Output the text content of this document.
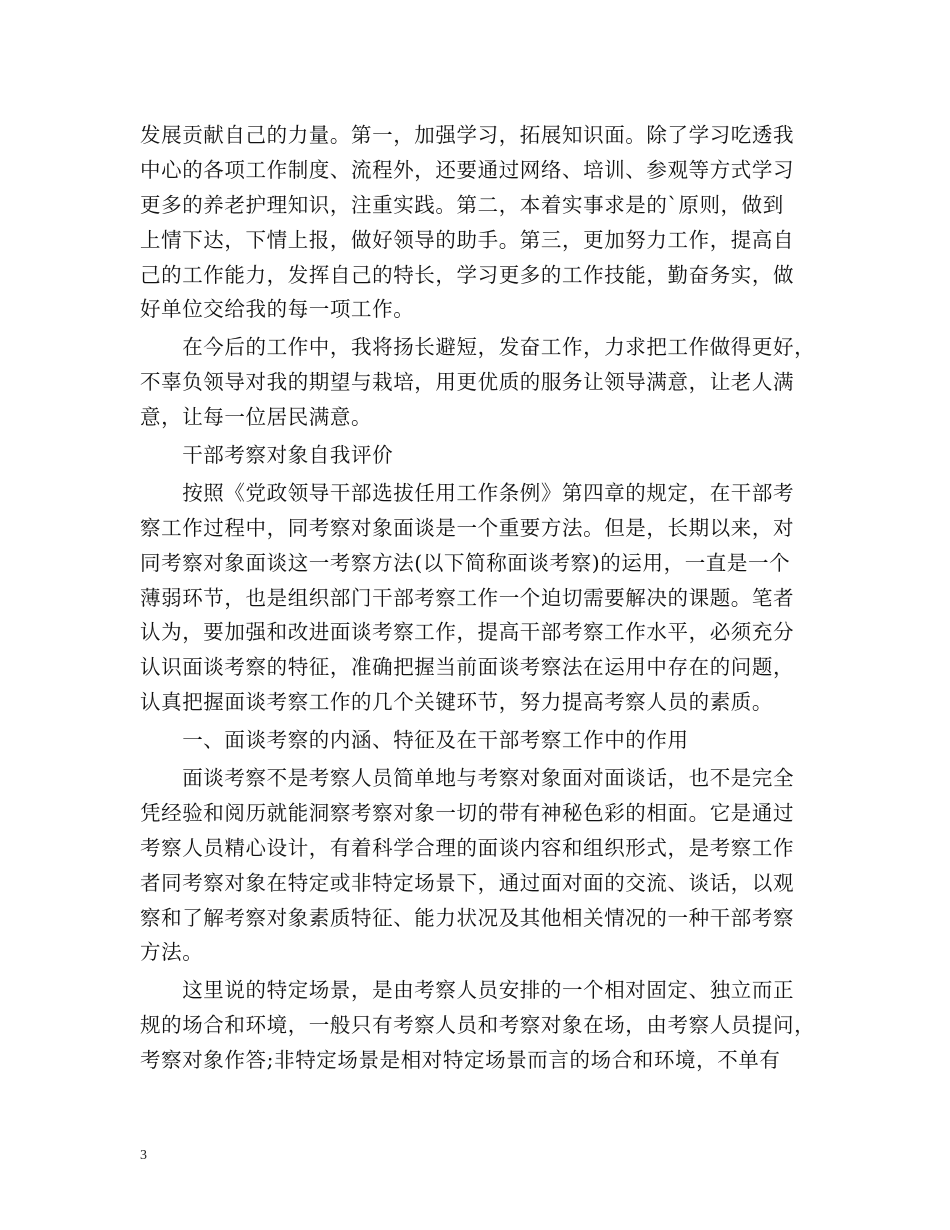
发展贡献自己的力量。第一，加强学习，拓展知识面。除了学习吃透我
中心的各项工作制度、流程外，还要通过网络、培训、参观等方式学习
更多的养老护理知识，注重实践。第二，本着实事求是的`原则，做到
上情下达，下情上报，做好领导的助手。第三，更加努力工作，提高自
己的工作能力，发挥自己的特长，学习更多的工作技能，勤奋务实，做
好单位交给我的每一项工作。
　　在今后的工作中，我将扬长避短，发奋工作，力求把工作做得更好，
不辜负领导对我的期望与栽培，用更优质的服务让领导满意，让老人满
意，让每一位居民满意。
　　干部考察对象自我评价
　　按照《党政领导干部选拔任用工作条例》第四章的规定，在干部考
察工作过程中，同考察对象面谈是一个重要方法。但是，长期以来，对
同考察对象面谈这一考察方法(以下简称面谈考察)的运用，一直是一个
薄弱环节，也是组织部门干部考察工作一个迫切需要解决的课题。笔者
认为，要加强和改进面谈考察工作，提高干部考察工作水平，必须充分
认识面谈考察的特征，准确把握当前面谈考察法在运用中存在的问题，
认真把握面谈考察工作的几个关键环节，努力提高考察人员的素质。
　　一、面谈考察的内涵、特征及在干部考察工作中的作用
　　面谈考察不是考察人员简单地与考察对象面对面谈话，也不是完全
凭经验和阅历就能洞察考察对象一切的带有神秘色彩的相面。它是通过
考察人员精心设计，有着科学合理的面谈内容和组织形式，是考察工作
者同考察对象在特定或非特定场景下，通过面对面的交流、谈话，以观
察和了解考察对象素质特征、能力状况及其他相关情况的一种干部考察
方法。
　　这里说的特定场景，是由考察人员安排的一个相对固定、独立而正
规的场合和环境，一般只有考察人员和考察对象在场，由考察人员提问，
考察对象作答;非特定场景是相对特定场景而言的场合和环境，不单有
3
